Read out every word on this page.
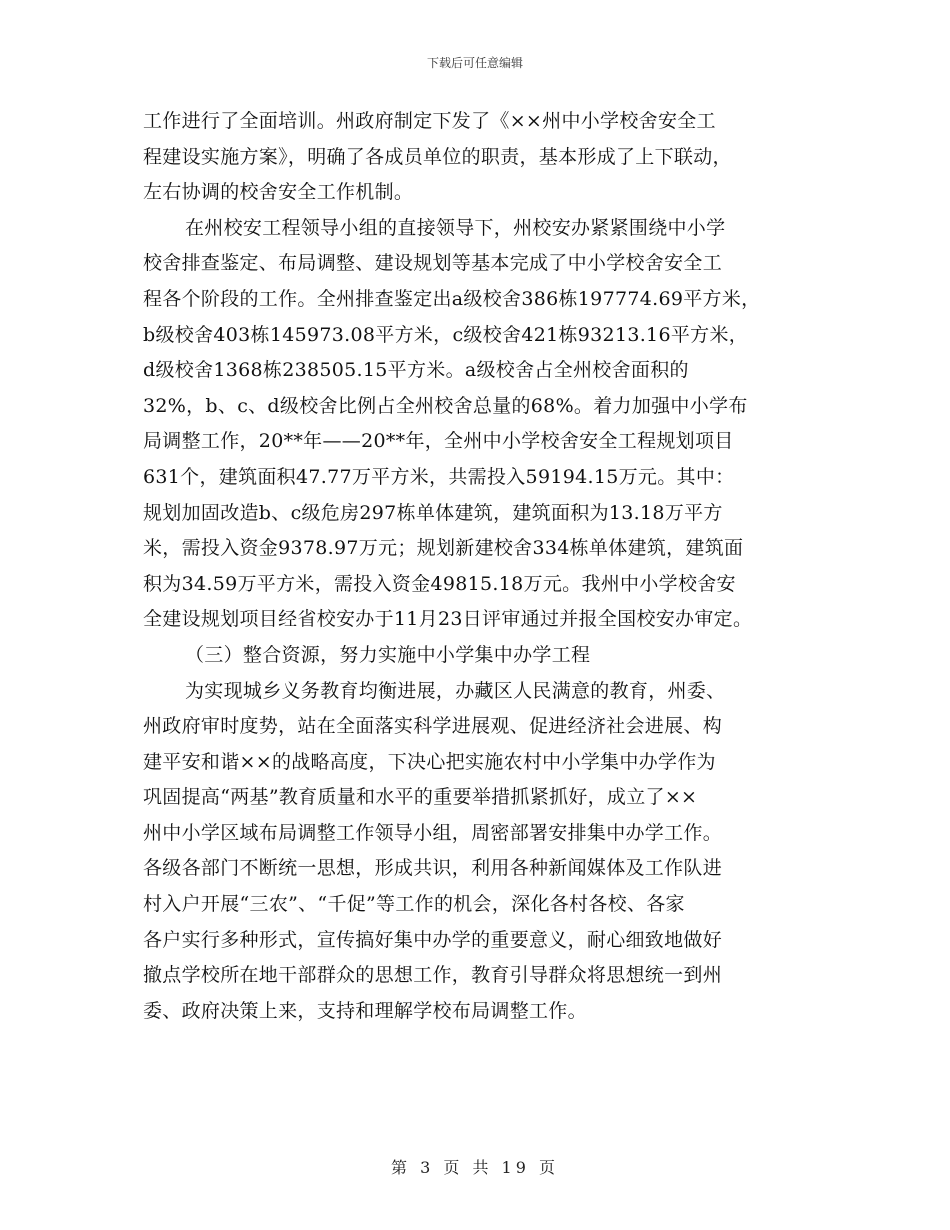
下载后可任意编辑
工作进行了全面培训。州政府制定下发了《××州中小学校舍安全工
程建设实施方案》，明确了各成员单位的职责，基本形成了上下联动，
左右协调的校舍安全工作机制。
在州校安工程领导小组的直接领导下，州校安办紧紧围绕中小学
校舍排查鉴定、布局调整、建设规划等基本完成了中小学校舍安全工
程各个阶段的工作。全州排查鉴定出a级校舍386栋197774.69平方米，
b级校舍403栋145973.08平方米，c级校舍421栋93213.16平方米，
d级校舍1368栋238505.15平方米。a级校舍占全州校舍面积的
32%，b、c、d级校舍比例占全州校舍总量的68%。着力加强中小学布
局调整工作，20**年——20**年，全州中小学校舍安全工程规划项目
631个，建筑面积47.77万平方米，共需投入59194.15万元。其中：
规划加固改造b、c级危房297栋单体建筑，建筑面积为13.18万平方
米，需投入资金9378.97万元；规划新建校舍334栋单体建筑，建筑面
积为34.59万平方米，需投入资金49815.18万元。我州中小学校舍安
全建设规划项目经省校安办于11月23日评审通过并报全国校安办审定。
（三）整合资源，努力实施中小学集中办学工程
为实现城乡义务教育均衡进展，办藏区人民满意的教育，州委、
州政府审时度势，站在全面落实科学进展观、促进经济社会进展、构
建平安和谐××的战略高度，下决心把实施农村中小学集中办学作为
巩固提高“两基”教育质量和水平的重要举措抓紧抓好，成立了××
州中小学区域布局调整工作领导小组，周密部署安排集中办学工作。
各级各部门不断统一思想，形成共识，利用各种新闻媒体及工作队进
村入户开展“三农”、“千促”等工作的机会，深化各村各校、各家
各户实行多种形式，宣传搞好集中办学的重要意义，耐心细致地做好
撤点学校所在地干部群众的思想工作，教育引导群众将思想统一到州
委、政府决策上来，支持和理解学校布局调整工作。
第 3 页 共 19 页
